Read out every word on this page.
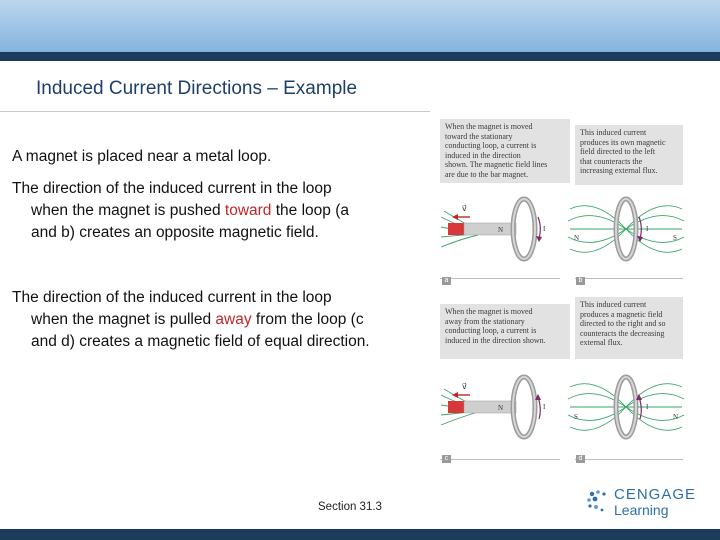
Induced Current Directions – Example
A magnet is placed near a metal loop.
The direction of the induced current in the loop
when the magnet is pushed toward the loop (a
and b) creates an opposite magnetic field.
The direction of the induced current in the loop
when the magnet is pulled away from the loop (c
and d) creates a magnetic field of equal direction.
When the magnet is moved
toward the stationary
conducting loop, a current is
induced in the direction
shown. The magnetic field lines
are due to the bar magnet.
This induced current
produces its own magnetic
field directed to the left
that counteracts the
increasing external flux.
v⃗
N	I
N	S
I
a	b
When the magnet is moved
away from the stationary
conducting loop, a current is
induced in the direction shown.
This induced current
produces a magnetic field
directed to the right and so
counteracts the decreasing
external flux.
v⃗
N	I
S	N
I
c	d
Section 31.3
CENGAGE
Learning
